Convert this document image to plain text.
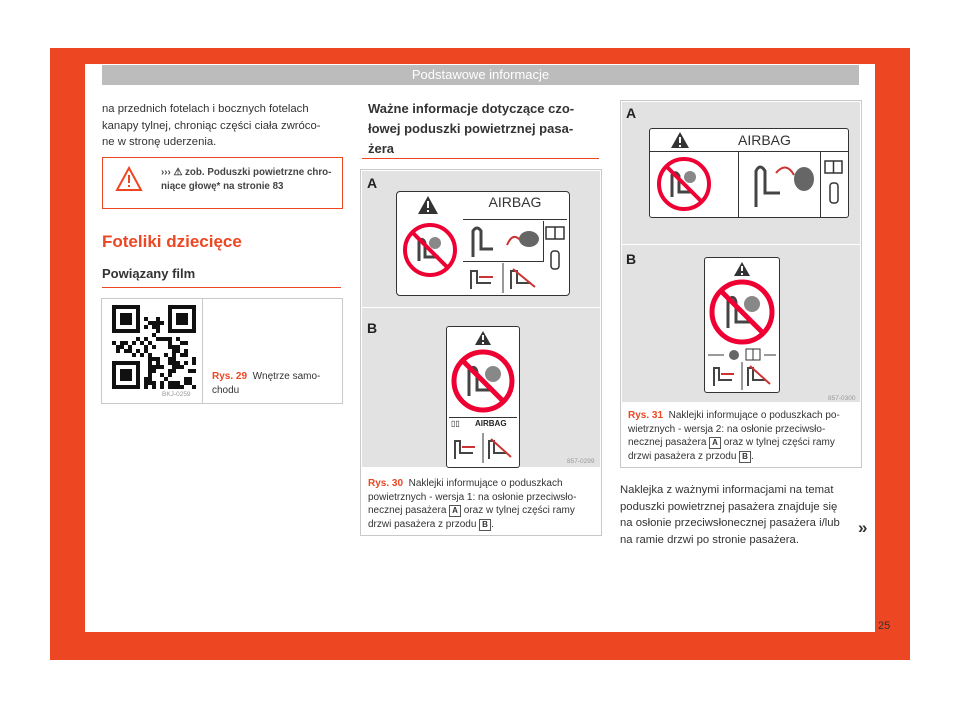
Podstawowe informacje
na przednich fotelach i bocznych fotelach
kanapy tylnej, chroniąc części ciała zwróco-
ne w stronę uderzenia.
››› ⚠ zob. Poduszki powietrzne chro-
niące głowę* na stronie 83
Foteliki dziecięce
Powiązany film
BKJ-0259
Rys. 29 Wnętrze samo-
chodu
Ważne informacje dotyczące czo-
łowej poduszki powietrznej pasa-
żera
A
AIRBAG
B
▯▯ AIRBAG
857-0299
Rys. 30 Naklejki informujące o poduszkach
powietrznych - wersja 1: na osłonie przeciwsło-
necznej pasażera A oraz w tylnej części ramy
drzwi pasażera z przodu B .
A
AIRBAG
B
857-0300
Rys. 31 Naklejki informujące o poduszkach po-
wietrznych - wersja 2: na osłonie przeciwsło-
necznej pasażera A oraz w tylnej części ramy
drzwi pasażera z przodu B .
Naklejka z ważnymi informacjami na temat
poduszki powietrznej pasażera znajduje się
na osłonie przeciwsłonecznej pasażera i/lub
na ramie drzwi po stronie pasażera.
»
25
